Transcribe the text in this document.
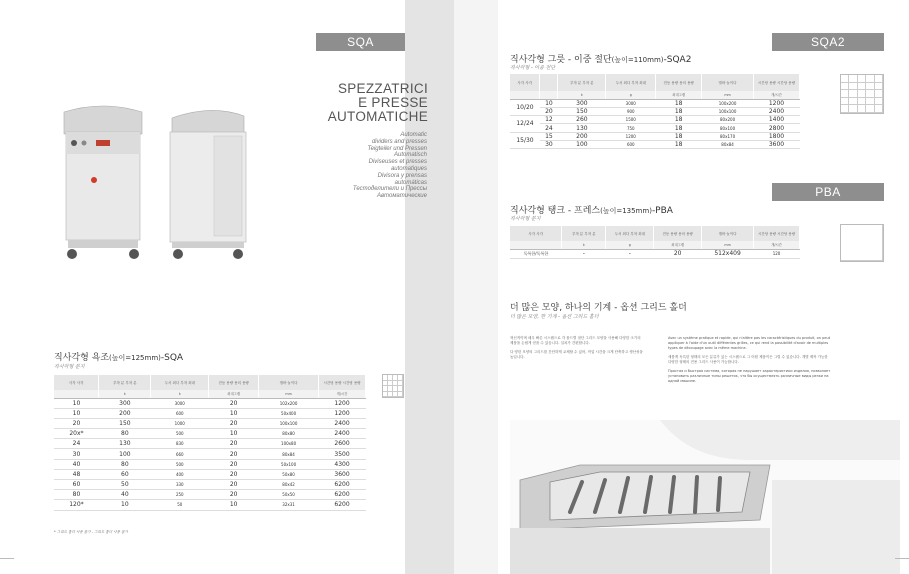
SQA
SPEZZATRICI
E PRESSE
AUTOMATICHE
Automatic
dividers and presses
Teigteiler und Pressen
Automatisch
Diviseuses et presses
automatiques
Divisora y prensas
automáticas
Тестоделители и Прессы
Автоматические
직사각형 욕조(높이=125mm)-SQA
직사각형 분지
사각 사각	부착 분 부착 분	두서 최다 부착 최대	전동 용량 용의 용량	앨바 놀이다	시간당 용량 시간당 용량
	k	k	최대그램	mm	개/시간
10	300	3000	20	102x200	1200
10	200	600	10	50x400	1200
20	150	1000	20	100x100	2400
20x*	80	500	10	80x80	2400
24	130	830	20	100x80	2600
30	100	660	20	80x84	3500
40	80	500	20	50x100	4300
48	60	400	20	50x80	3600
60	50	330	20	80x42	6200
80	40	250	20	50x50	6200
120*	10	50	10	32x31	6200
* 그리드 홀더 사용 불가 - 그리드 홀더 사용 불가
SQA2
직사각형 그릇 - 이중 절단(높이=110mm)-SQA2
직사각형 - 이중 전단
사각 사각		부착 분 부착 분	두서 최다 부착 최대	전동 용량 용의 용량	앨바 놀이다	시간당 용량 시간당 용량
		k	g	최대그램	mm	개/시간
10/20	10	300	3000	18	100x200	1200
	20	150	900	18	100x100	2400
12/24	12	260	1500	18	80x200	1400
	24	130	750	18	80x100	2800
15/30	15	200	1200	18	80x170	1800
	30	100	600	18	80x84	3600
PBA
직사각형 탱크 - 프레스(높이=135mm)-PBA
직사각형 분지
사각 사각	부착 분 부착 분	두서 최다 부착 최대	전동 용량 용의 용량	앨바 놀이다	시간당 용량 시간당 용량
	k	g	최대그램	mm	개/시간
독특한/독특한	-	-	20	512x409	120
더 많은 모양, 하나의 기계 - 옵션 그리드 홀더
더 많은 모양, 한 기계 - 옵션 그리드 홀더

혁신적이며 매우 빠른 시스템으로 각 몰드별 절단 그리드 모양을 사용해 다양한 크기의 제품을 손쉽게 얻을 수 있습니다. 설치가 간편합니다.

다 양한 모양의 그리드를 간단하게 교체할 수 있어, 작업 시간을 크게 단축하고 생산성을 높입니다.

Avec un système pratique et rapide, qui n'altère pas les caractéristiques du produit, on peut appliquer à l'aide d'un outil différentes grilles, ce qui rend la possibilité d'avoir de multiples types de découpage avec la même machine.

새롭게 독특한 형태의 모든 분류가 있는 시스템으로 그 어떤 제품이든 그릴 수 있습니다. 개별 제작 가능한 다양한 형태의 전용 그리드 사용이 가능합니다.

Простая и быстрая система, которая не нарушает характеристики изделия, позволяет установить различные типы решеток, что бы осуществлять различные виды резки на одной машине.
